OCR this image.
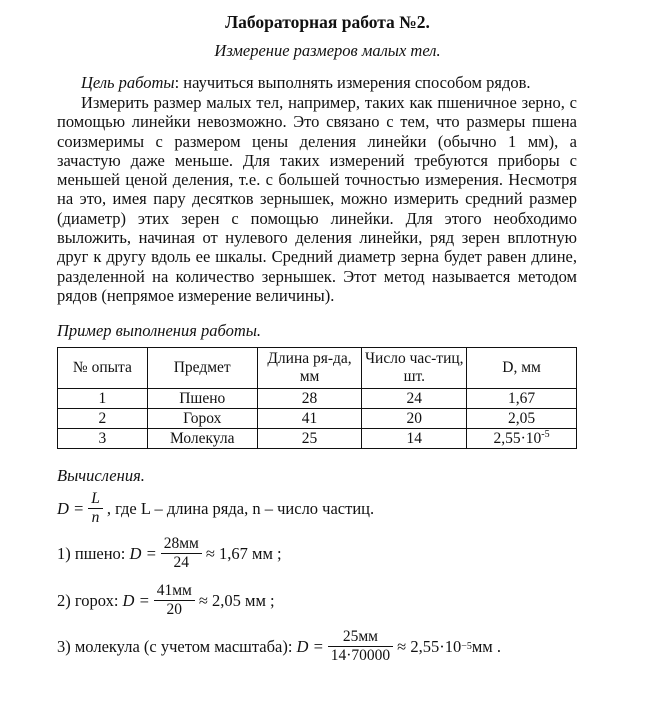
Лабораторная работа №2.
Измерение размеров малых тел.

Цель работы: научиться выполнять измерения способом рядов.

Измерить размер малых тел, например, таких как пшеничное зерно, с помощью линейки невозможно. Это связано с тем, что размеры пшена соизмеримы с размером цены деления линейки (обычно 1 мм), а зачастую даже меньше. Для таких измерений требуются приборы с меньшей ценой деления, т.е. с большей точностью измерения. Несмотря на это, имея пару десятков зернышек, можно измерить средний размер (диаметр) этих зерен с помощью линейки. Для этого необходимо выложить, начиная от нулевого деления линейки, ряд зерен вплотную друг к другу вдоль ее шкалы. Средний диаметр зерна будет равен длине, разделенной на количество зернышек. Этот метод называется методом рядов (непрямое измерение величины).

Пример выполнения работы.
№ опыта	Предмет	Длина ря-да, мм	Число час-тиц, шт.	D, мм
1	Пшено	28	24	1,67
2	Горох	41	20	2,05
3	Молекула	25	14	$2,55\cdot 10^{-5}$
Вычисления.
$D = \frac{L}{n}$ , где L – длина ряда, n – число частиц.
1) пшено:
$D = \frac{28мм}{24} \approx 1,67$ мм ;
2) горох:
$D = \frac{41мм}{20} \approx 2,05$ мм ;
3) молекула (с учетом масштаба):
$D = \frac{25мм}{14\cdot 70000} \approx 2,55\cdot 10 -5$ мм .
